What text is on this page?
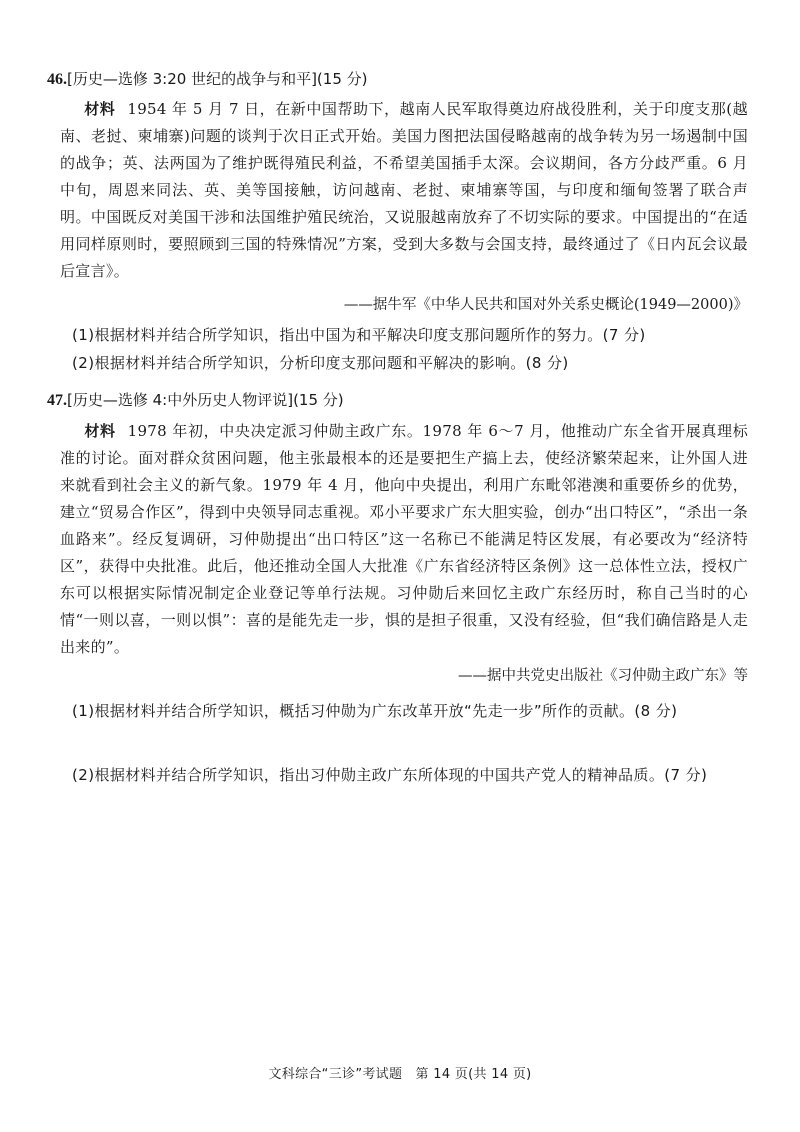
46.[历史—选修 3:20 世纪的战争与和平](15 分)
材料 1954 年 5 月 7 日，在新中国帮助下，越南人民军取得奠边府战役胜利，关于印度支那(越南、老挝、柬埔寨)问题的谈判于次日正式开始。美国力图把法国侵略越南的战争转为另一场遏制中国的战争；英、法两国为了维护既得殖民利益，不希望美国插手太深。会议期间，各方分歧严重。6 月中旬，周恩来同法、英、美等国接触，访问越南、老挝、柬埔寨等国，与印度和缅甸签署了联合声明。中国既反对美国干涉和法国维护殖民统治，又说服越南放弃了不切实际的要求。中国提出的“在适用同样原则时，要照顾到三国的特殊情况”方案，受到大多数与会国支持，最终通过了《日内瓦会议最后宣言》。
——据牛军《中华人民共和国对外关系史概论(1949—2000)》
(1)根据材料并结合所学知识，指出中国为和平解决印度支那问题所作的努力。(7 分)
(2)根据材料并结合所学知识，分析印度支那问题和平解决的影响。(8 分)
47.[历史—选修 4:中外历史人物评说](15 分)
材料 1978 年初，中央决定派习仲勋主政广东。1978 年 6～7 月，他推动广东全省开展真理标准的讨论。面对群众贫困问题，他主张最根本的还是要把生产搞上去，使经济繁荣起来，让外国人进来就看到社会主义的新气象。1979 年 4 月，他向中央提出，利用广东毗邻港澳和重要侨乡的优势，建立“贸易合作区”，得到中央领导同志重视。邓小平要求广东大胆实验，创办“出口特区”，“杀出一条血路来”。经反复调研，习仲勋提出“出口特区”这一名称已不能满足特区发展，有必要改为“经济特区”，获得中央批准。此后，他还推动全国人大批准《广东省经济特区条例》这一总体性立法，授权广东可以根据实际情况制定企业登记等单行法规。习仲勋后来回忆主政广东经历时，称自己当时的心情“一则以喜，一则以惧”：喜的是能先走一步，惧的是担子很重，又没有经验，但“我们确信路是人走出来的”。
——据中共党史出版社《习仲勋主政广东》等
(1)根据材料并结合所学知识，概括习仲勋为广东改革开放“先走一步”所作的贡献。(8 分)
(2)根据材料并结合所学知识，指出习仲勋主政广东所体现的中国共产党人的精神品质。(7 分)
文科综合“三诊”考试题　第 14 页(共 14 页)
